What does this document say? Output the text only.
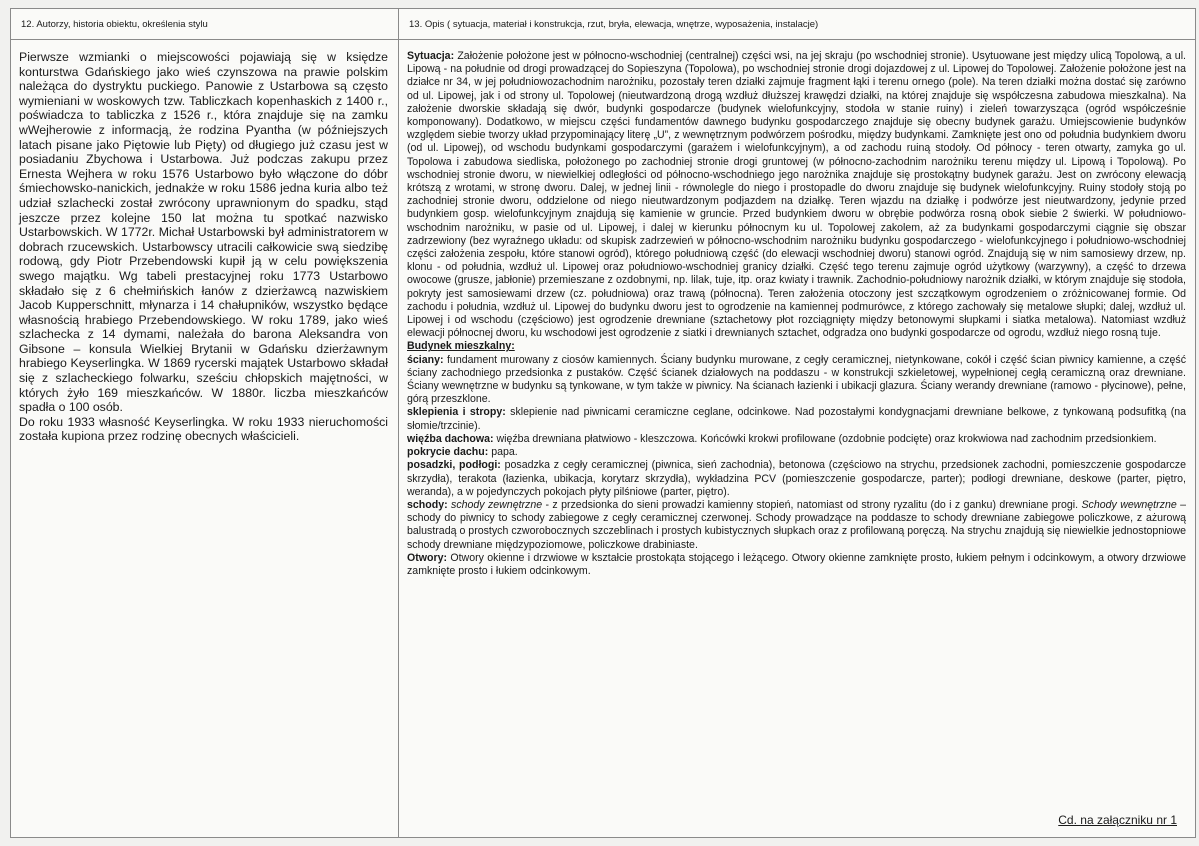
12. Autorzy, historia obiektu, określenia stylu

Pierwsze wzmianki o miejscowości pojawiają się w księdze konturstwa Gdańskiego jako wieś czynszowa na prawie polskim należąca do dystryktu puckiego. Panowie z Ustarbowa są często wymieniani w woskowych tzw. Tabliczkach kopenhaskich z 1400 r., poświadcza to tabliczka z 1526 r., która znajduje się na zamku wWejherowie z informacją, że rodzina Pyantha (w późniejszych latach pisane jako Piętowie lub Pięty) od długiego już czasu jest w posiadaniu Zbychowa i Ustarbowa. Już podczas zakupu przez Ernesta Wejhera w roku 1576 Ustarbowo było włączone do dóbr śmiechowsko-nanickich, jednakże w roku 1586 jedna kuria albo też udział szlachecki został zwrócony uprawnionym do spadku, stąd jeszcze przez kolejne 150 lat można tu spotkać nazwisko Ustarbowskich. W 1772r. Michał Ustarbowski był administratorem w dobrach rzucewskich. Ustarbowscy utracili całkowicie swą siedzibę rodową, gdy Piotr Przebendowski kupił ją w celu powiększenia swego majątku. Wg tabeli prestacyjnej roku 1773 Ustarbowo składało się z 6 chełmińskich łanów z dzierżawcą nazwiskiem Jacob Kupperschnitt, młynarza i 14 chałupników, wszystko będące własnością hrabiego Przebendowskiego. W roku 1789, jako wieś szlachecka z 14 dymami, należała do barona Aleksandra von Gibsone – konsula Wielkiej Brytanii w Gdańsku dzierżawnym hrabiego Keyserlingka. W 1869 rycerski majątek Ustarbowo składał się z szlacheckiego folwarku, sześciu chłopskich majętności, w których żyło 169 mieszkańców. W 1880r. liczba mieszkańców spadła o 100 osób.

Do roku 1933 własność Keyserlingka. W roku 1933 nieruchomości została kupiona przez rodzinę obecnych właścicieli.

13. Opis ( sytuacja, materiał i konstrukcja, rzut, bryła, elewacja, wnętrze, wyposażenia, instalacje)

Sytuacja: Założenie położone jest w północno-wschodniej (centralnej) części wsi, na jej skraju (po wschodniej stronie). Usytuowane jest między ulicą Topolową, a ul. Lipową - na południe od drogi prowadzącej do Sopieszyna (Topolowa), po wschodniej stronie drogi dojazdowej z ul. Lipowej do Topolowej. Założenie położone jest na działce nr 34, w jej południowozachodnim narożniku, pozostały teren działki zajmuje fragment łąki i terenu ornego (pole). Na teren działki można dostać się zarówno od ul. Lipowej, jak i od strony ul. Topolowej (nieutwardzoną drogą wzdłuż dłuższej krawędzi działki, na której znajduje się współczesna zabudowa mieszkalna). Na założenie dworskie składają się dwór, budynki gospodarcze (budynek wielofunkcyjny, stodoła w stanie ruiny) i zieleń towarzysząca (ogród współcześnie komponowany). Dodatkowo, w miejscu części fundamentów dawnego budynku gospodarczego znajduje się obecny budynek garażu. Umiejscowienie budynków względem siebie tworzy układ przypominający literę „U”, z wewnętrznym podwórzem pośrodku, między budynkami. Zamknięte jest ono od południa budynkiem dworu (od ul. Lipowej), od wschodu budynkami gospodarczymi (garażem i wielofunkcyjnym), a od zachodu ruiną stodoły. Od północy - teren otwarty, zamyka go ul. Topolowa i zabudowa siedliska, położonego po zachodniej stronie drogi gruntowej (w północno-zachodnim narożniku terenu między ul. Lipową i Topolową). Po wschodniej stronie dworu, w niewielkiej odległości od północno-wschodniego jego narożnika znajduje się prostokątny budynek garażu. Jest on zwrócony elewacją krótszą z wrotami, w stronę dworu. Dalej, w jednej linii - równolegle do niego i prostopadle do dworu znajduje się budynek wielofunkcyjny. Ruiny stodoły stoją po zachodniej stronie dworu, oddzielone od niego nieutwardzonym podjazdem na działkę. Teren wjazdu na działkę i podwórze jest nieutwardzony, jedynie przed budynkiem gosp. wielofunkcyjnym znajdują się kamienie w gruncie. Przed budynkiem dworu w obrębie podwórza rosną obok siebie 2 świerki. W południowo-wschodnim narożniku, w pasie od ul. Lipowej, i dalej w kierunku północnym ku ul. Topolowej zakolem, aż za budynkami gospodarczymi ciągnie się obszar zadrzewiony (bez wyraźnego układu: od skupisk zadrzewień w północno-wschodnim narożniku budynku gospodarczego - wielofunkcyjnego i południowo-wschodniej części założenia zespołu, które stanowi ogród), którego południową część (do elewacji wschodniej dworu) stanowi ogród. Znajdują się w nim samosiewy drzew, np. klonu - od południa, wzdłuż ul. Lipowej oraz południowo-wschodniej granicy działki. Część tego terenu zajmuje ogród użytkowy (warzywny), a część to drzewa owocowe (grusze, jabłonie) przemieszane z ozdobnymi, np. lilak, tuje, itp. oraz kwiaty i trawnik. Zachodnio-południowy narożnik działki, w którym znajduje się stodoła, pokryty jest samosiewami drzew (cz. południowa) oraz trawą (północna). Teren założenia otoczony jest szczątkowym ogrodzeniem o zróżnicowanej formie. Od zachodu i południa, wzdłuż ul. Lipowej do budynku dworu jest to ogrodzenie na kamiennej podmurówce, z którego zachowały się metalowe słupki; dalej, wzdłuż ul. Lipowej i od wschodu (częściowo) jest ogrodzenie drewniane (sztachetowy płot rozciągnięty między betonowymi słupkami i siatka metalowa). Natomiast wzdłuż elewacji północnej dworu, ku wschodowi jest ogrodzenie z siatki i drewnianych sztachet, odgradza ono budynki gospodarcze od ogrodu, wzdłuż niego rosną tuje.

Budynek mieszkalny:

ściany: fundament murowany z ciosów kamiennych. Ściany budynku murowane, z cegły ceramicznej, nietynkowane, cokół i część ścian piwnicy kamienne, a część ściany zachodniego przedsionka z pustaków. Część ścianek działowych na poddaszu - w konstrukcji szkieletowej, wypełnionej cegłą ceramiczną oraz drewniane. Ściany wewnętrzne w budynku są tynkowane, w tym także w piwnicy. Na ścianach łazienki i ubikacji glazura. Ściany werandy drewniane (ramowo - płycinowe), pełne, górą przeszklone.

sklepienia i stropy: sklepienie nad piwnicami ceramiczne ceglane, odcinkowe. Nad pozostałymi kondygnacjami drewniane belkowe, z tynkowaną podsufitką (na słomie/trzcinie).

więźba dachowa: więźba drewniana płatwiowo - kleszczowa. Końcówki krokwi profilowane (ozdobnie podcięte) oraz krokwiowa nad zachodnim przedsionkiem.

pokrycie dachu: papa.

posadzki, podłogi: posadzka z cegły ceramicznej (piwnica, sień zachodnia), betonowa (częściowo na strychu, przedsionek zachodni, pomieszczenie gospodarcze skrzydła), terakota (łazienka, ubikacja, korytarz skrzydła), wykładzina PCV (pomieszczenie gospodarcze, parter); podłogi drewniane, deskowe (parter, piętro, weranda), a w pojedynczych pokojach płyty pilśniowe (parter, piętro).

schody: schody zewnętrzne - z przedsionka do sieni prowadzi kamienny stopień, natomiast od strony ryzalitu (do i z ganku) drewniane progi. Schody wewnętrzne – schody do piwnicy to schody zabiegowe z cegły ceramicznej czerwonej. Schody prowadzące na poddasze to schody drewniane zabiegowe policzkowe, z ażurową balustradą o prostych czworobocznych szczeblinach i prostych kubistycznych słupkach oraz z profilowaną poręczą. Na strychu znajdują się niewielkie jednostopniowe schody drewniane międzypoziomowe, policzkowe drabiniaste.

Otwory: Otwory okienne i drzwiowe w kształcie prostokąta stojącego i leżącego. Otwory okienne zamknięte prosto, łukiem pełnym i odcinkowym, a otwory drzwiowe zamknięte prosto i łukiem odcinkowym.

Cd. na załączniku nr 1
